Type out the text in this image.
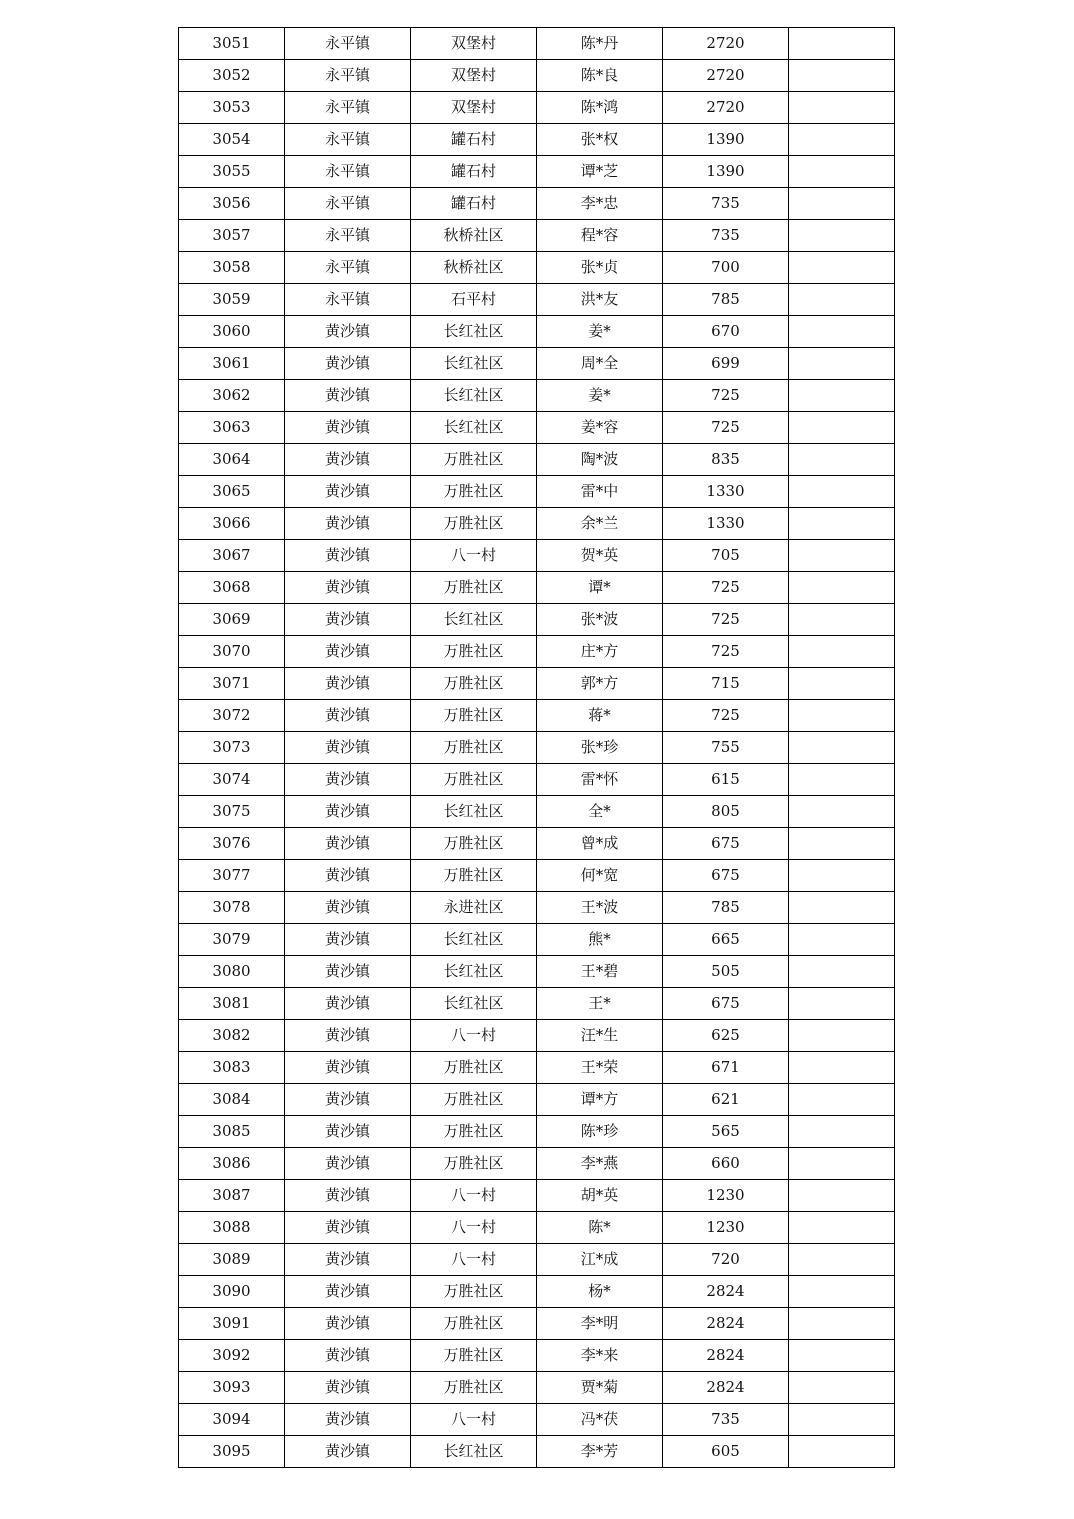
3051	永平镇	双堡村	陈*丹	2720	
3052	永平镇	双堡村	陈*良	2720	
3053	永平镇	双堡村	陈*鸿	2720	
3054	永平镇	罐石村	张*权	1390	
3055	永平镇	罐石村	谭*芝	1390	
3056	永平镇	罐石村	李*忠	735	
3057	永平镇	秋桥社区	程*容	735	
3058	永平镇	秋桥社区	张*贞	700	
3059	永平镇	石平村	洪*友	785	
3060	黄沙镇	长红社区	姜*	670	
3061	黄沙镇	长红社区	周*全	699	
3062	黄沙镇	长红社区	姜*	725	
3063	黄沙镇	长红社区	姜*容	725	
3064	黄沙镇	万胜社区	陶*波	835	
3065	黄沙镇	万胜社区	雷*中	1330	
3066	黄沙镇	万胜社区	余*兰	1330	
3067	黄沙镇	八一村	贺*英	705	
3068	黄沙镇	万胜社区	谭*	725	
3069	黄沙镇	长红社区	张*波	725	
3070	黄沙镇	万胜社区	庄*方	725	
3071	黄沙镇	万胜社区	郭*方	715	
3072	黄沙镇	万胜社区	蒋*	725	
3073	黄沙镇	万胜社区	张*珍	755	
3074	黄沙镇	万胜社区	雷*怀	615	
3075	黄沙镇	长红社区	全*	805	
3076	黄沙镇	万胜社区	曾*成	675	
3077	黄沙镇	万胜社区	何*宽	675	
3078	黄沙镇	永进社区	王*波	785	
3079	黄沙镇	长红社区	熊*	665	
3080	黄沙镇	长红社区	王*碧	505	
3081	黄沙镇	长红社区	王*	675	
3082	黄沙镇	八一村	汪*生	625	
3083	黄沙镇	万胜社区	王*荣	671	
3084	黄沙镇	万胜社区	谭*方	621	
3085	黄沙镇	万胜社区	陈*珍	565	
3086	黄沙镇	万胜社区	李*燕	660	
3087	黄沙镇	八一村	胡*英	1230	
3088	黄沙镇	八一村	陈*	1230	
3089	黄沙镇	八一村	江*成	720	
3090	黄沙镇	万胜社区	杨*	2824	
3091	黄沙镇	万胜社区	李*明	2824	
3092	黄沙镇	万胜社区	李*来	2824	
3093	黄沙镇	万胜社区	贾*菊	2824	
3094	黄沙镇	八一村	冯*茯	735	
3095	黄沙镇	长红社区	李*芳	605	
